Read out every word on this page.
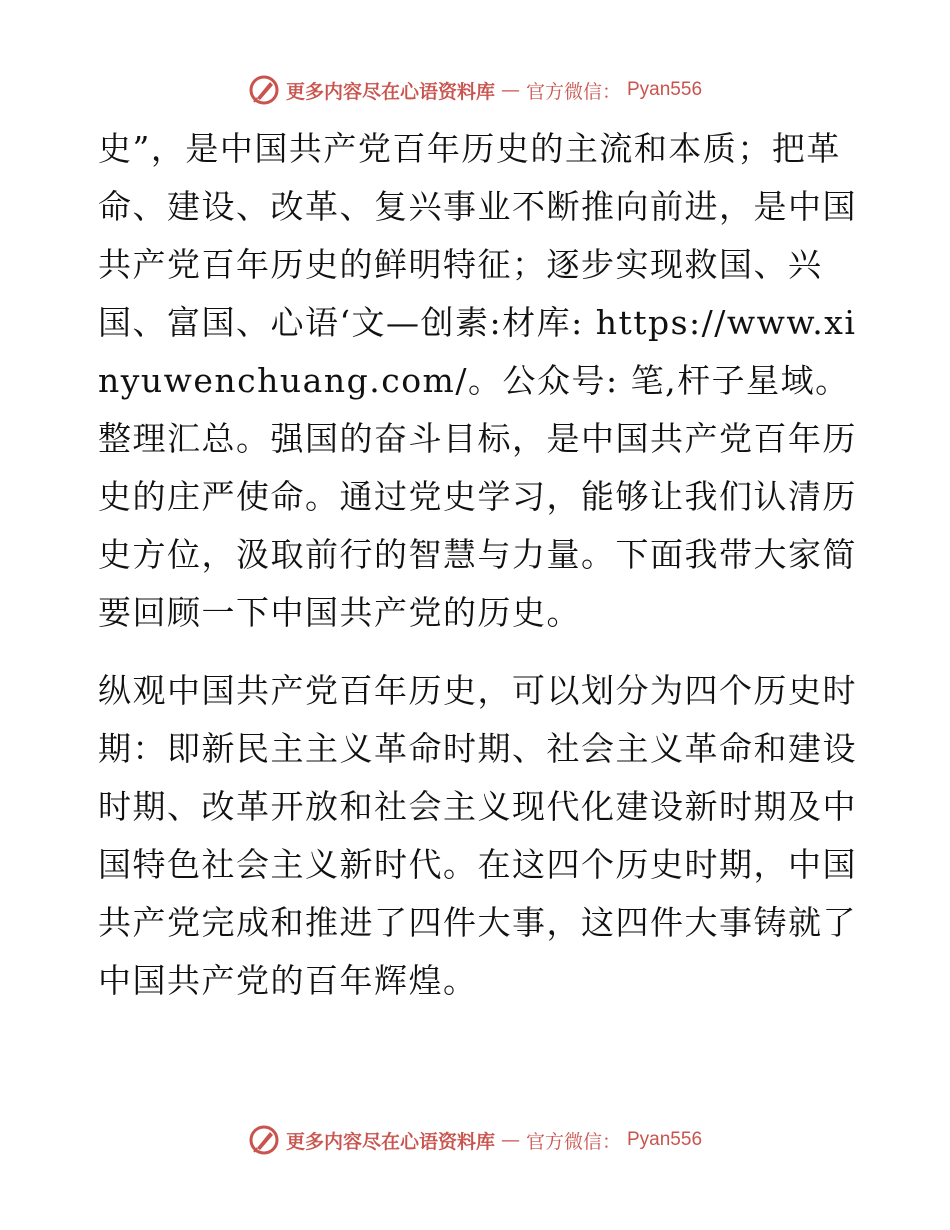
更多内容尽在心语资料库 — 官方微信： Pyan556

史”，是中国共产党百年历史的主流和本质；把革命、建设、改革、复兴事业不断推向前进，是中国共产党百年历史的鲜明特征；逐步实现救国、兴国、富国、心语‘文—创素:材库: https://www.xinyuwenchuang.com/。公众号: 笔,杆子星域。整理汇总。强国的奋斗目标，是中国共产党百年历史的庄严使命。通过党史学习，能够让我们认清历史方位，汲取前行的智慧与力量。下面我带大家简要回顾一下中国共产党的历史。

纵观中国共产党百年历史，可以划分为四个历史时期：即新民主主义革命时期、社会主义革命和建设时期、改革开放和社会主义现代化建设新时期及中国特色社会主义新时代。在这四个历史时期，中国共产党完成和推进了四件大事，这四件大事铸就了中国共产党的百年辉煌。

更多内容尽在心语资料库 — 官方微信： Pyan556
